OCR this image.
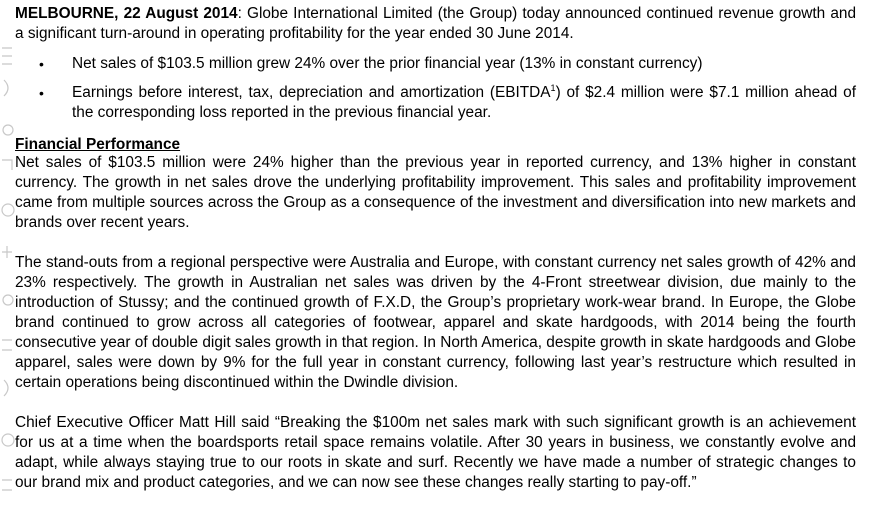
MELBOURNE, 22 August 2014: Globe International Limited (the Group) today announced continued revenue growth and a significant turn-around in operating profitability for the year ended 30 June 2014.

• Net sales of $103.5 million grew 24% over the prior financial year (13% in constant currency)
• Earnings before interest, tax, depreciation and amortization (EBITDA$^1$) of $2.4 million were $7.1 million ahead of the corresponding loss reported in the previous financial year.
Financial Performance

Net sales of $103.5 million were 24% higher than the previous year in reported currency, and 13% higher in constant currency. The growth in net sales drove the underlying profitability improvement. This sales and profitability improvement came from multiple sources across the Group as a consequence of the investment and diversification into new markets and brands over recent years.

The stand-outs from a regional perspective were Australia and Europe, with constant currency net sales growth of 42% and 23% respectively. The growth in Australian net sales was driven by the 4-Front streetwear division, due mainly to the introduction of Stussy; and the continued growth of F.X.D, the Group’s proprietary work-wear brand. In Europe, the Globe brand continued to grow across all categories of footwear, apparel and skate hardgoods, with 2014 being the fourth consecutive year of double digit sales growth in that region. In North America, despite growth in skate hardgoods and Globe apparel, sales were down by 9% for the full year in constant currency, following last year’s restructure which resulted in certain operations being discontinued within the Dwindle division.

Chief Executive Officer Matt Hill said “Breaking the $100m net sales mark with such significant growth is an achievement for us at a time when the boardsports retail space remains volatile. After 30 years in business, we constantly evolve and adapt, while always staying true to our roots in skate and surf. Recently we have made a number of strategic changes to our brand mix and product categories, and we can now see these changes really starting to pay-off.”
